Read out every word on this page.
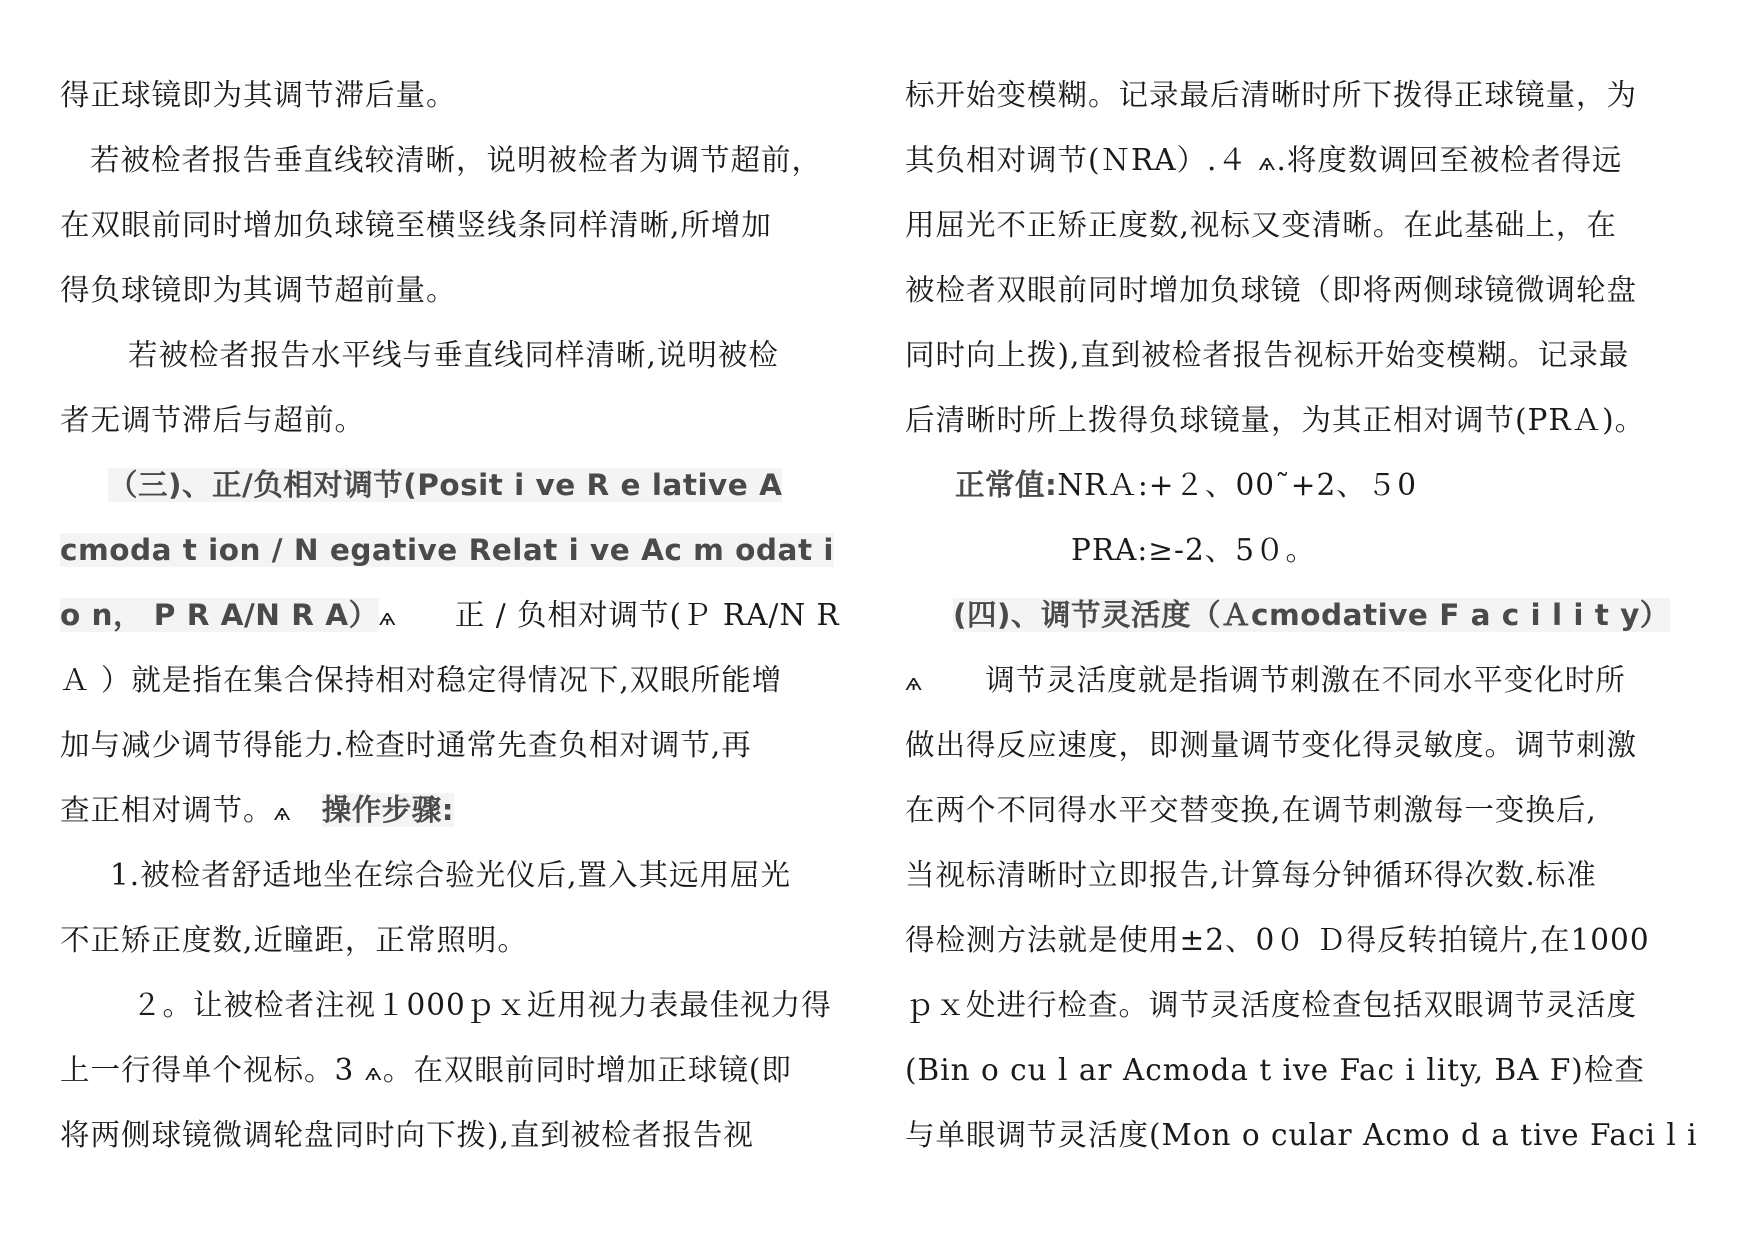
得正球镜即为其调节滞后量。
若被检者报告垂直线较清晰，说明被检者为调节超前，
在双眼前同时增加负球镜至横竖线条同样清晰,所增加
得负球镜即为其调节超前量。
若被检者报告水平线与垂直线同样清晰,说明被检
者无调节滞后与超前。
（三)、正/负相对调节(Posit i ve R e lative A
cmoda t ion / N egative Relat i ve Ac m odat i
o n， P R A/N R A）ѧ 正 / 负相对调节(Ｐ RA/N R
Ａ ）就是指在集合保持相对稳定得情况下,双眼所能增
加与减少调节得能力.检查时通常先查负相对调节,再
查正相对调节。ѧ 操作步骤:
1.被检者舒适地坐在综合验光仪后,置入其远用屈光
不正矫正度数,近瞳距，正常照明。
２。让被检者注视１000ｐｘ近用视力表最佳视力得
上一行得单个视标。3 ѧ。在双眼前同时增加正球镜(即
将两侧球镜微调轮盘同时向下拨),直到被检者报告视
标开始变模糊。记录最后清晰时所下拨得正球镜量，为
其负相对调节(ＮRA）.４ ѧ.将度数调回至被检者得远
用屈光不正矫正度数,视标又变清晰。在此基础上，在
被检者双眼前同时增加负球镜（即将两侧球镜微调轮盘
同时向上拨),直到被检者报告视标开始变模糊。记录最
后清晰时所上拨得负球镜量，为其正相对调节(PRＡ)。
正常值:NRＡ:+２、00˜+2、５0
PRA:≥-2、5０。
(四)、调节灵活度（Ａcmodative F a c i l i t y）
ѧ 调节灵活度就是指调节刺激在不同水平变化时所
做出得反应速度，即测量调节变化得灵敏度。调节刺激
在两个不同得水平交替变换,在调节刺激每一变换后,
当视标清晰时立即报告,计算每分钟循环得次数.标准
得检测方法就是使用±2、0０ Ｄ得反转拍镜片,在1000
ｐｘ处进行检查。调节灵活度检查包括双眼调节灵活度
(Bin o cu l ar Acmoda t ive Fac i lity, BA F)检查
与单眼调节灵活度(Mon o cular Acmo d a tive Faci l i
